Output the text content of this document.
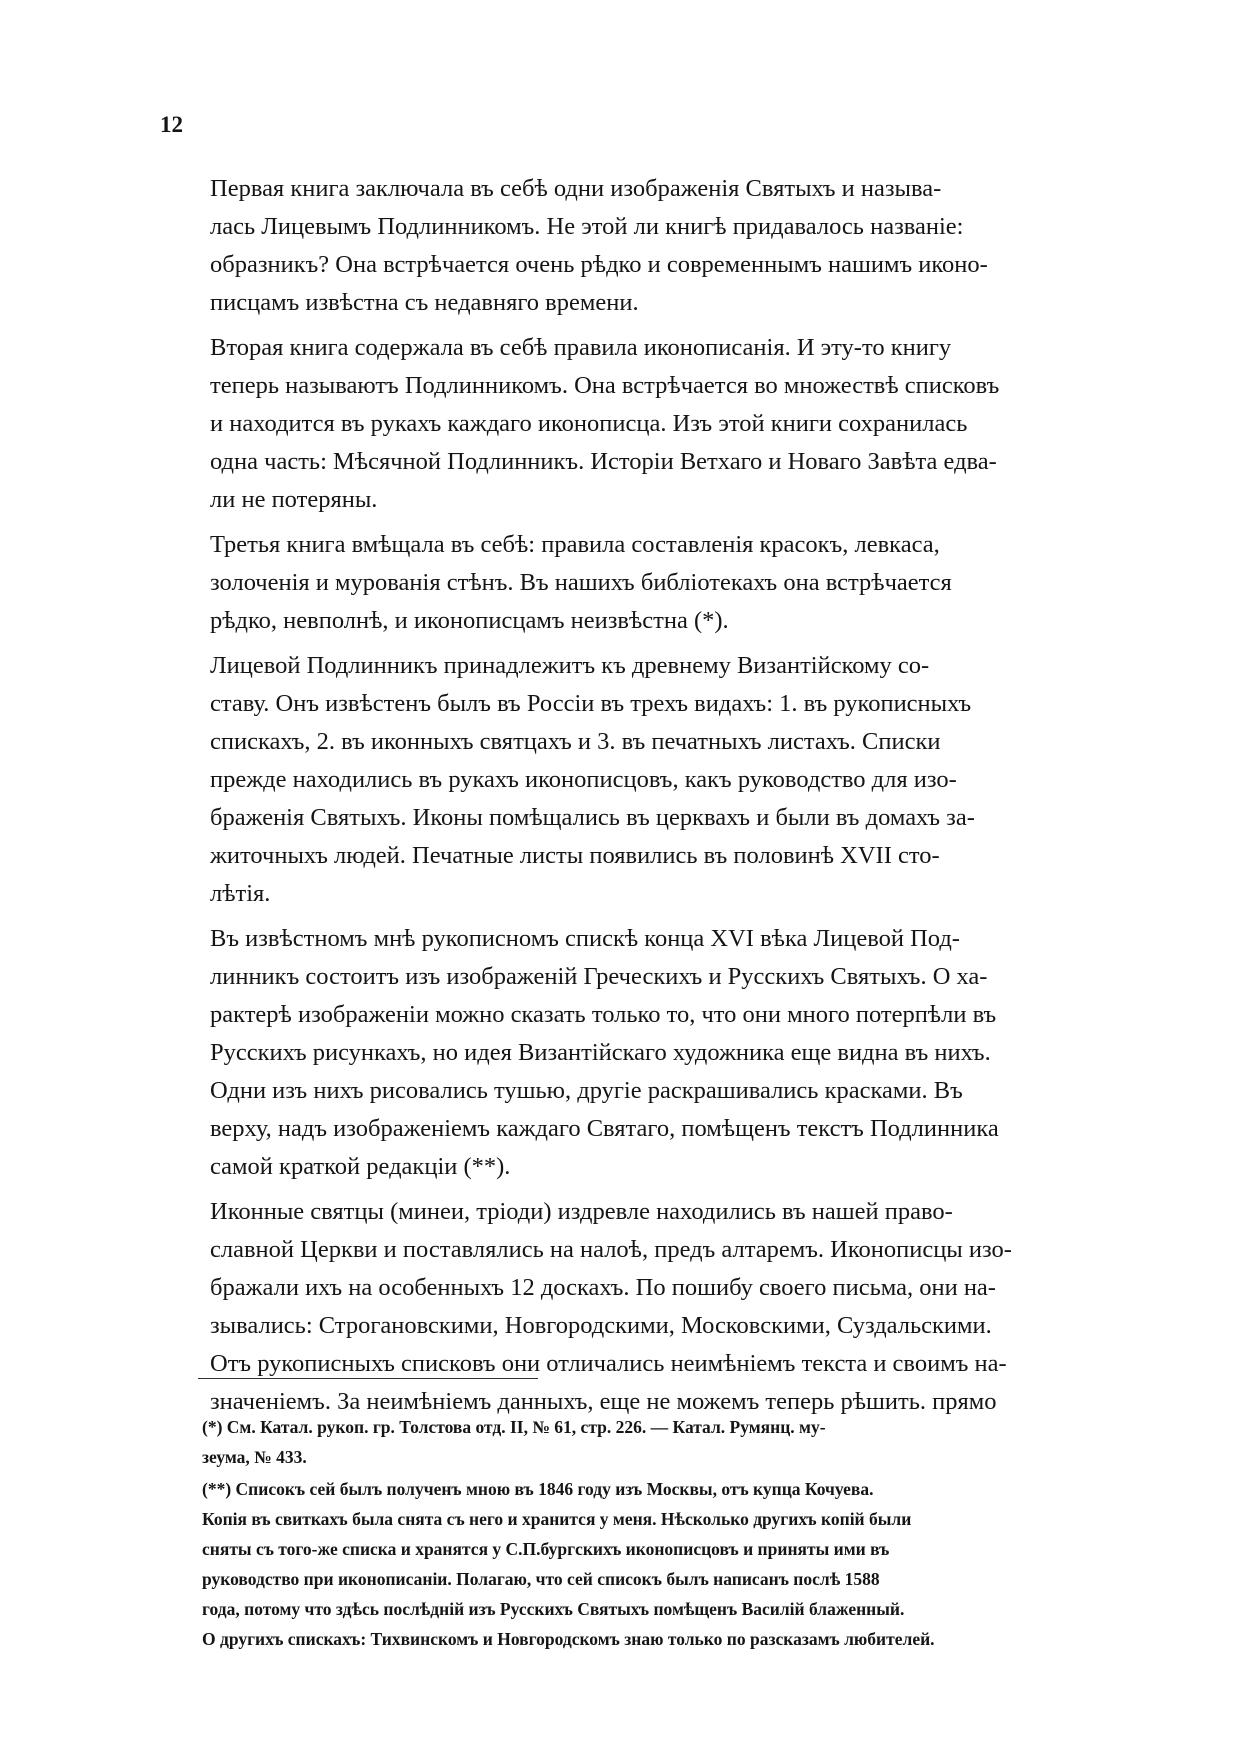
12

Первая книга заключала въ себѣ одни изображенія Святыхъ и называ-
лась Лицевымъ Подлинникомъ. Не этой ли книгѣ придавалось названіе:
образникъ? Она встрѣчается очень рѣдко и современнымъ нашимъ иконо-
писцамъ извѣстна съ недавняго времени.

Вторая книга содержала въ себѣ правила иконописанія. И эту-то книгу
теперь называютъ Подлинникомъ. Она встрѣчается во множествѣ списковъ
и находится въ рукахъ каждаго иконописца. Изъ этой книги сохранилась
одна часть: Мѣсячной Подлинникъ. Исторіи Ветхаго и Новаго Завѣта едва-
ли не потеряны.

Третья книга вмѣщала въ себѣ: правила составленія красокъ, левкаса,
золоченія и мурованія стѣнъ. Въ нашихъ библіотекахъ она встрѣчается
рѣдко, невполнѣ, и иконописцамъ неизвѣстна (*).

Лицевой Подлинникъ принадлежитъ къ древнему Византійскому со-
ставу. Онъ извѣстенъ былъ въ Россіи въ трехъ видахъ: 1. въ рукописныхъ
спискахъ, 2. въ иконныхъ святцахъ и 3. въ печатныхъ листахъ. Списки
прежде находились въ рукахъ иконописцовъ, какъ руководство для изо-
браженія Святыхъ. Иконы помѣщались въ церквахъ и были въ домахъ за-
житочныхъ людей. Печатные листы появились въ половинѣ XVII сто-
лѣтія.

Въ извѣстномъ мнѣ рукописномъ спискѣ конца XVI вѣка Лицевой Под-
линникъ состоитъ изъ изображеній Греческихъ и Русскихъ Святыхъ. О ха-
рактерѣ изображеніи можно сказать только то, что они много потерпѣли въ
Русскихъ рисункахъ, но идея Византійскаго художника еще видна въ нихъ.
Одни изъ нихъ рисовались тушью, другіе раскрашивались красками. Въ
верху, надъ изображеніемъ каждаго Святаго, помѣщенъ текстъ Подлинника
самой краткой редакціи (**).

Иконные святцы (минеи, тріоди) издревле находились въ нашей право-
славной Церкви и поставлялись на налоѣ, предъ алтаремъ. Иконописцы изо-
бражали ихъ на особенныхъ 12 доскахъ. По пошибу своего письма, они на-
зывались: Строгановскими, Новгородскими, Московскими, Суздальскими.
Отъ рукописныхъ списковъ они отличались неимѣніемъ текста и своимъ на-
значеніемъ. За неимѣніемъ данныхъ, еще не можемъ теперь рѣшить. прямо

(*) См. Катал. рукоп. гр. Толстова отд. II, № 61, стр. 226. — Катал. Румянц. му-
зеума, № 433.

(**) Списокъ сей былъ полученъ мною въ 1846 году изъ Москвы, отъ купца Кочуева.
Копія въ свиткахъ была снята съ него и хранится у меня. Нѣсколько другихъ копій были
сняты съ того-же списка и хранятся у С.П.бургскихъ иконописцовъ и приняты ими въ
руководство при иконописаніи. Полагаю, что сей списокъ былъ написанъ послѣ 1588
года, потому что здѣсь послѣдній изъ Русскихъ Святыхъ помѣщенъ Василій блаженный.
О другихъ спискахъ: Тихвинскомъ и Новгородскомъ знаю только по разсказамъ любителей.
